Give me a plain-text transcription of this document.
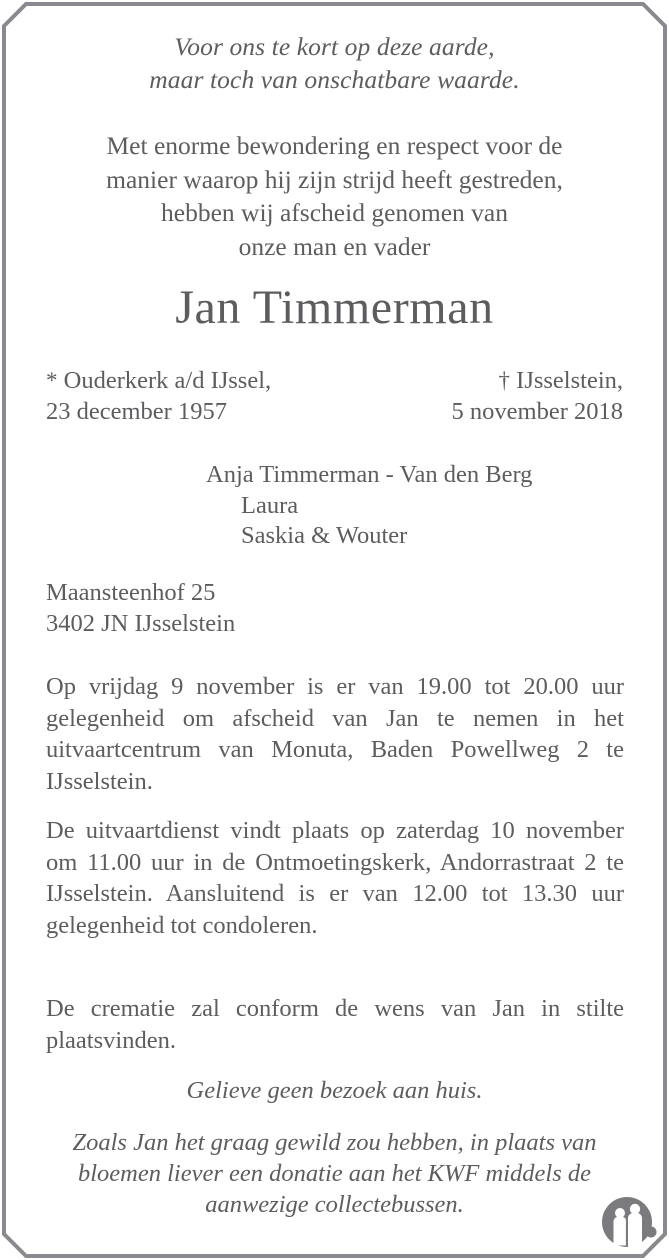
Voor ons te kort op deze aarde,
maar toch van onschatbare waarde.
Met enorme bewondering en respect voor de
manier waarop hij zijn strijd heeft gestreden,
hebben wij afscheid genomen van
onze man en vader
Jan Timmerman
* Ouderkerk a/d IJssel,
23 december 1957
† IJsselstein,
5 november 2018
Anja Timmerman - Van den Berg
Laura
Saskia & Wouter
Maansteenhof 25
3402 JN IJsselstein

Op vrijdag 9 november is er van 19.00 tot 20.00 uur gelegenheid om afscheid van Jan te nemen in het uitvaartcentrum van Monuta, Baden Powellweg 2 te IJsselstein.

De uitvaartdienst vindt plaats op zaterdag 10 november om 11.00 uur in de Ontmoetingskerk, Andorrastraat 2 te IJsselstein. Aansluitend is er van 12.00 tot 13.30 uur gelegenheid tot condoleren.

De crematie zal conform de wens van Jan in stilte plaatsvinden.

Gelieve geen bezoek aan huis.
Zoals Jan het graag gewild zou hebben, in plaats van bloemen liever een donatie aan het KWF middels de aanwezige collectebussen.
